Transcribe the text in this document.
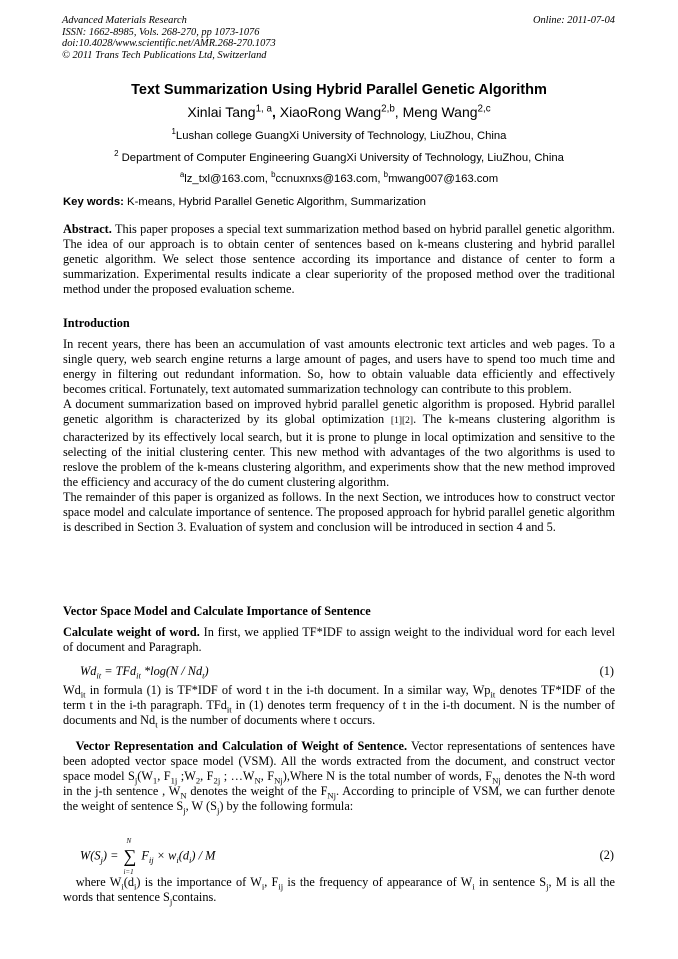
Advanced Materials Research
ISSN: 1662-8985, Vols. 268-270, pp 1073-1076
doi:10.4028/www.scientific.net/AMR.268-270.1073
© 2011 Trans Tech Publications Ltd, Switzerland
Online: 2011-07-04
Text Summarization Using Hybrid Parallel Genetic Algorithm
Xinlai Tang$^{1, a}$, XiaoRong Wang$^{2,b}$, Meng Wang$^{2,c}$
$^1$Lushan college GuangXi University of Technology, LiuZhou, China
$^2$ Department of Computer Engineering GuangXi University of Technology, LiuZhou, China
$^a$lz_txl@163.com, $^b$ccnuxnxs@163.com, $^b$mwang007@163.com
Key words: K-means, Hybrid Parallel Genetic Algorithm, Summarization

Abstract. This paper proposes a special text summarization method based on hybrid parallel genetic algorithm. The idea of our approach is to obtain center of sentences based on k-means clustering and hybrid parallel genetic algorithm. We select those sentence according its importance and distance of center to form a summarization. Experimental results indicate a clear superiority of the proposed method over the traditional method under the proposed evaluation scheme.

Introduction

In recent years, there has been an accumulation of vast amounts electronic text articles and web pages. To a single query, web search engine returns a large amount of pages, and users have to spend too much time and energy in filtering out redundant information. So, how to obtain valuable data efficiently and effectively becomes critical. Fortunately, text automated summarization technology can contribute to this problem.

A document summarization based on improved hybrid parallel genetic algorithm is proposed. Hybrid parallel genetic algorithm is characterized by its global optimization [1][2]. The k-means clustering algorithm is characterized by its effectively local search, but it is prone to plunge in local optimization and sensitive to the selecting of the initial clustering center. This new method with advantages of the two algorithms is used to reslove the problem of the k-means clustering algorithm, and experiments show that the new method improved the efficiency and accuracy of the do cument clustering algorithm.

The remainder of this paper is organized as follows. In the next Section, we introduces how to construct vector space model and calculate importance of sentence. The proposed approach for hybrid parallel genetic algorithm is described in Section 3. Evaluation of system and conclusion will be introduced in section 4 and 5.

Vector Space Model and Calculate Importance of Sentence

Calculate weight of word. In first, we applied TF*IDF to assign weight to the individual word for each level of document and Paragraph.

$Wd_{it} = TFd_{it}$ $*\log(N / Nd_t)$	(1)

$Wd_{it}$ in formula (1) is TF*IDF of word t in the i-th document. In a similar way, $Wp_{it}$ denotes TF*IDF of the term t in the i-th paragraph. TFd$_{it}$ in (1) denotes term frequency of t in the i-th document. N is the number of documents and $Nd_t$ is the number of documents where t occurs.

Vector Representation and Calculation of Weight of Sentence. Vector representations of sentences have been adopted vector space model (VSM). All the words extracted from the document, and construct vector space model $S_j(W_1$, $F_{1j}$ $;W_2$, $F_{2j}$ ; $\dots W_N$, $F_{Nj}),Where$ N is the total number of words, $F_{Nj}$ denotes the N-th word in the j-th sentence , $W_N$ denotes the weight of the $F_{Nj}$. According to principle of VSM, we can further denote the weight of sentence $S_j$, W $(S_j)$ by the following formula:

$W(S_j)$ =
N
∑
i=1
$F_{ij} \times w_i(d_i) / M$	(2)

where $W_i(d_i)$ is the importance of $W_i$, $F_{ij}$ is the frequency of appearance of $W_i$ in sentence $S_j$, M is all the words that sentence $S_jcontains$.
